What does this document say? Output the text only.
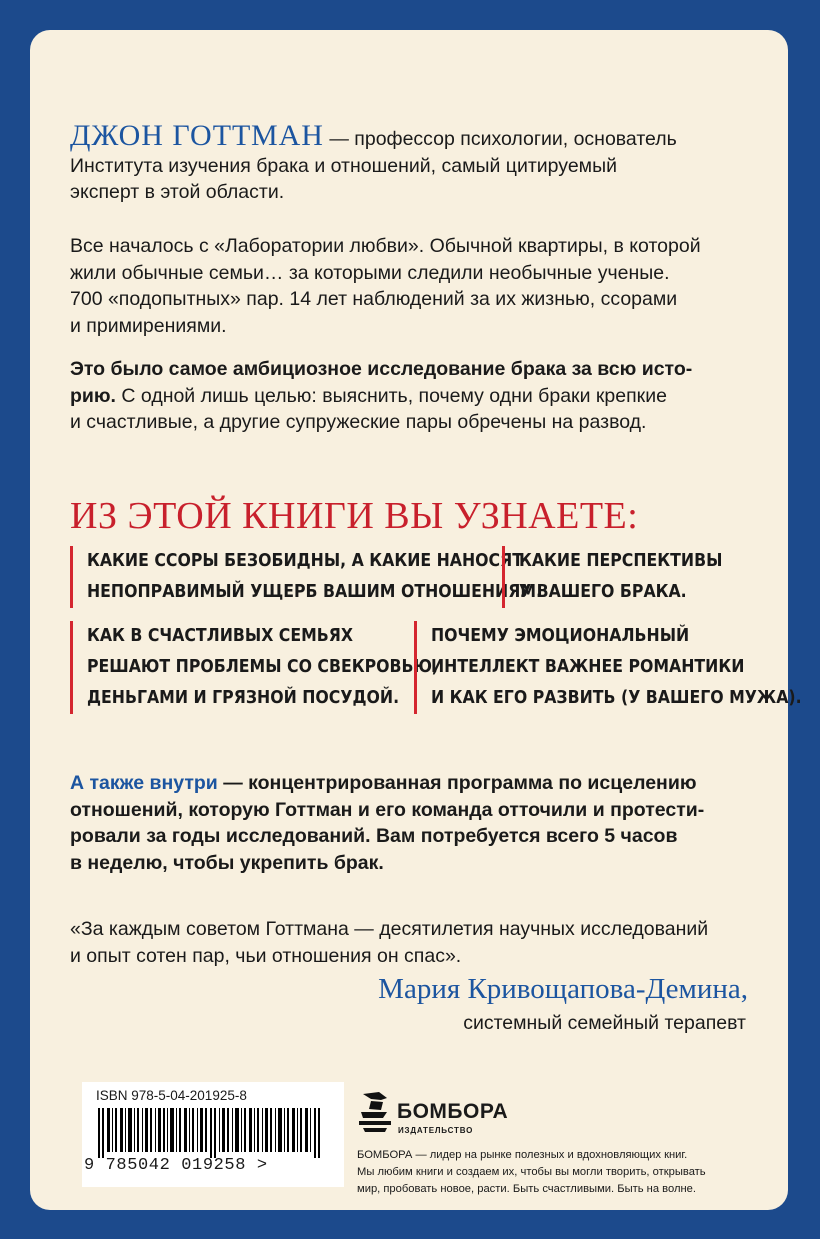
ДЖОН ГОТТМАН — профессор психологии, основатель
Института изучения брака и отношений, самый цитируемый
эксперт в этой области.
Все началось с «Лаборатории любви». Обычной квартиры, в которой
жили обычные семьи… за которыми следили необычные ученые.
700 «подопытных» пар. 14 лет наблюдений за их жизнью, ссорами
и примирениями.
Это было самое амбициозное исследование брака за всю исто-
рию. С одной лишь целью: выяснить, почему одни браки крепкие
и счастливые, а другие супружеские пары обречены на развод.
ИЗ ЭТОЙ КНИГИ ВЫ УЗНАЕТЕ:
КАКИЕ ССОРЫ БЕЗОБИДНЫ, А КАКИЕ НАНОСЯТ
НЕПОПРАВИМЫЙ УЩЕРБ ВАШИМ ОТНОШЕНИЯМ.
КАКИЕ ПЕРСПЕКТИВЫ
У ВАШЕГО БРАКА.
КАК В СЧАСТЛИВЫХ СЕМЬЯХ
РЕШАЮТ ПРОБЛЕМЫ СО СВЕКРОВЬЮ,
ДЕНЬГАМИ И ГРЯЗНОЙ ПОСУДОЙ.
ПОЧЕМУ ЭМОЦИОНАЛЬНЫЙ
ИНТЕЛЛЕКТ ВАЖНЕЕ РОМАНТИКИ
И КАК ЕГО РАЗВИТЬ (У ВАШЕГО МУЖА).
А также внутри — концентрированная программа по исцелению
отношений, которую Готтман и его команда отточили и протести-
ровали за годы исследований. Вам потребуется всего 5 часов
в неделю, чтобы укрепить брак.
«За каждым советом Готтмана — десятилетия научных исследований
и опыт сотен пар, чьи отношения он спас».
Мария Кривощапова-Демина,
системный семейный терапевт
ISBN 978-5-04-201925-8
9 785042 019258 >
БОМБОРА
ИЗДАТЕЛЬСТВО
БОМБОРА — лидер на рынке полезных и вдохновляющих книг.
Мы любим книги и создаем их, чтобы вы могли творить, открывать
мир, пробовать новое, расти. Быть счастливыми. Быть на волне.
